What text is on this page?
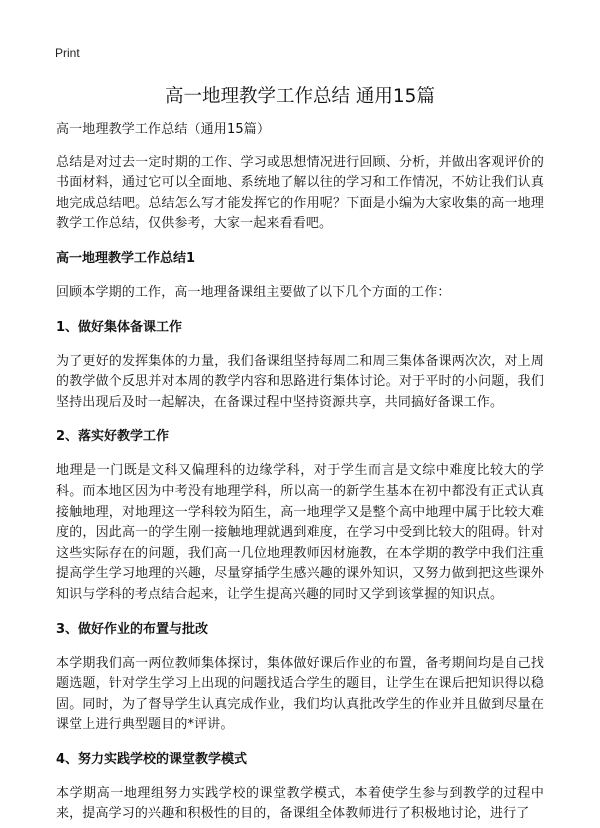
Print
高一地理教学工作总结 通用15篇
高一地理教学工作总结（通用15篇）
总结是对过去一定时期的工作、学习或思想情况进行回顾、分析，并做出客观评价的书面材料，通过它可以全面地、系统地了解以往的学习和工作情况，不妨让我们认真地完成总结吧。总结怎么写才能发挥它的作用呢？下面是小编为大家收集的高一地理教学工作总结，仅供参考，大家一起来看看吧。
高一地理教学工作总结1
回顾本学期的工作，高一地理备课组主要做了以下几个方面的工作：
1、做好集体备课工作
为了更好的发挥集体的力量，我们备课组坚持每周二和周三集体备课两次次，对上周的教学做个反思并对本周的教学内容和思路进行集体讨论。对于平时的小问题，我们坚持出现后及时一起解决，在备课过程中坚持资源共享，共同搞好备课工作。
2、落实好教学工作
地理是一门既是文科又偏理科的边缘学科，对于学生而言是文综中难度比较大的学科。而本地区因为中考没有地理学科，所以高一的新学生基本在初中都没有正式认真接触地理，对地理这一学科较为陌生，高一地理学又是整个高中地理中属于比较大难度的，因此高一的学生刚一接触地理就遇到难度，在学习中受到比较大的阻碍。针对这些实际存在的问题，我们高一几位地理教师因材施教，在本学期的教学中我们注重提高学生学习地理的兴趣，尽量穿插学生感兴趣的课外知识，又努力做到把这些课外知识与学科的考点结合起来，让学生提高兴趣的同时又学到该掌握的知识点。
3、做好作业的布置与批改
本学期我们高一两位教师集体探讨，集体做好课后作业的布置，备考期间均是自己找题选题，针对学生学习上出现的问题找适合学生的题目，让学生在课后把知识得以稳固。同时，为了督导学生认真完成作业，我们均认真批改学生的作业并且做到尽量在课堂上进行典型题目的*评讲。
4、努力实践学校的课堂教学模式
本学期高一地理组努力实践学校的课堂教学模式，本着使学生参与到教学的过程中来，提高学习的兴趣和积极性的目的，备课组全体教师进行了积极地讨论，进行了
